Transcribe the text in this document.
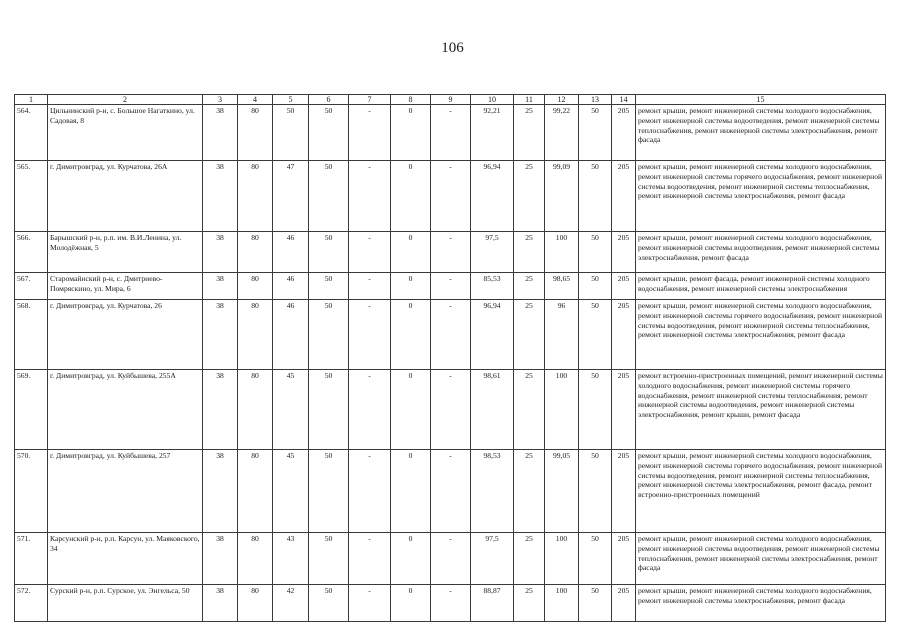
106
1	2	3	4	5	6	7	8	9	10	11	12	13	14	15
564.	Цильнинский р-н, с. Большое Нагаткино, ул. Садовая, 8	38	80	50	50	-	0	-	92,21	25	99,22	50	205	ремонт крыши, ремонт инженерной системы холодного водоснабжения, ремонт инженерной системы водоотведения, ремонт инженерной системы теплоснабжения, ремонт инженерной системы электроснабжения, ремонт фасада
565.	г. Димитровград, ул. Курчатова, 26А	38	80	47	50	-	0	-	96,94	25	99,09	50	205	ремонт крыши, ремонт инженерной системы холодного водоснабжения, ремонт инженерной системы горячего водоснабжения, ремонт инженерной системы водоотведения, ремонт инженерной системы теплоснабжения, ремонт инженерной системы электроснабжения, ремонт фасада
566.	Барышский р-н, р.п. им. В.И.Ленина, ул. Молодёжная, 5	38	80	46	50	-	0	-	97,5	25	100	50	205	ремонт крыши, ремонт инженерной системы холодного водоснабжения, ремонт инженерной системы водоотведения, ремонт инженерной системы электроснабжения, ремонт фасада
567.	Старомайнский р-н, с. Дмитриево-Помряскино, ул. Мира, 6	38	80	46	50	-	0	-	85,53	25	98,65	50	205	ремонт крыши, ремонт фасада, ремонт инженерной системы холодного водоснабжения, ремонт инженерной системы электроснабжения
568.	г. Димитровград, ул. Курчатова, 26	38	80	46	50	-	0	-	96,94	25	96	50	205	ремонт крыши, ремонт инженерной системы холодного водоснабжения, ремонт инженерной системы горячего водоснабжения, ремонт инженерной системы водоотведения, ремонт инженерной системы теплоснабжения, ремонт инженерной системы электроснабжения, ремонт фасада
569.	г. Димитровград, ул. Куйбышева, 255А	38	80	45	50	-	0	-	98,61	25	100	50	205	ремонт встроенно-пристроенных помещений, ремонт инженерной системы холодного водоснабжения, ремонт инженерной системы горячего водоснабжения, ремонт инженерной системы теплоснабжения, ремонт инженерной системы водоотведения, ремонт инженерной системы электроснабжения, ремонт крыши, ремонт фасада
570.	г. Димитровград, ул. Куйбышева, 257	38	80	45	50	-	0	-	98,53	25	99,05	50	205	ремонт крыши, ремонт инженерной системы холодного водоснабжения, ремонт инженерной системы горячего водоснабжения, ремонт инженерной системы водоотведения, ремонт инженерной системы теплоснабжения, ремонт инженерной системы электроснабжения, ремонт фасада, ремонт встроенно-пристроенных помещений
571.	Карсунский р-н, р.п. Карсун, ул. Маяковского, 34	38	80	43	50	-	0	-	97,5	25	100	50	205	ремонт крыши, ремонт инженерной системы холодного водоснабжения, ремонт инженерной системы водоотведения, ремонт инженерной системы теплоснабжения, ремонт инженерной системы электроснабжения, ремонт фасада
572.	Сурский р-н, р.п. Сурское, ул. Энгельса, 50	38	80	42	50	-	0	-	88,87	25	100	50	205	ремонт крыши, ремонт инженерной системы холодного водоснабжения, ремонт инженерной системы электроснабжения, ремонт фасада
